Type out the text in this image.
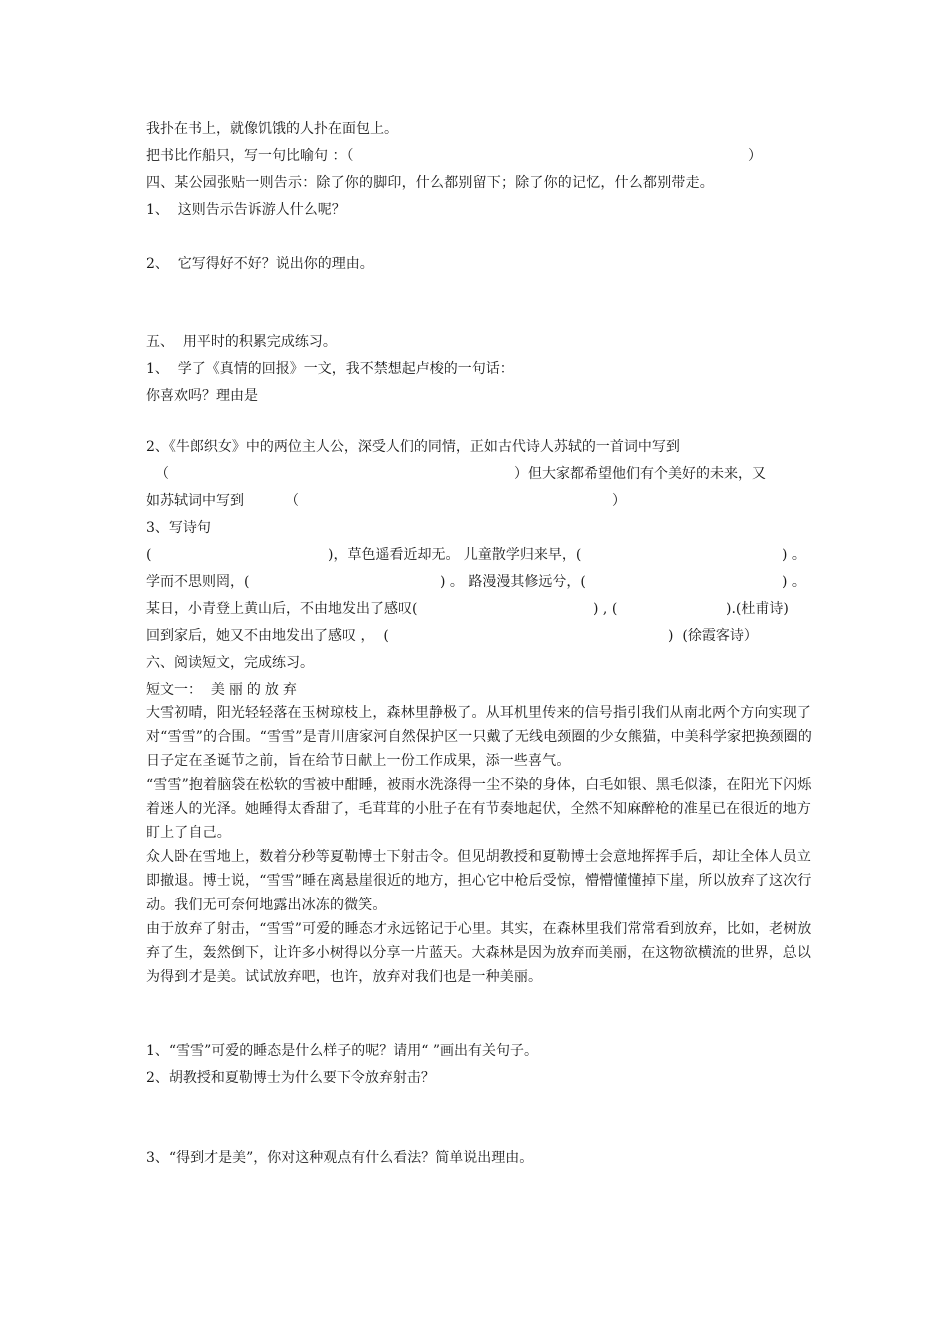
我扑在书上，就像饥饿的人扑在面包上。
把书比作船只，写一句比喻句 ：（	）
四、某公园张贴一则告示：除了你的脚印，什么都别留下；除了你的记忆，什么都别带走。
1、  这则告示告诉游人什么呢？
2、  它写得好不好？说出你的理由。
五、  用平时的积累完成练习。
1、  学了《真情的回报》一文，我不禁想起卢梭的一句话：
你喜欢吗？理由是
2、《牛郎织女》中的两位主人公，深受人们的同情，正如古代诗人苏轼的一首词中写到
（	）但大家都希望他们有个美好的未来，又
如苏轼词中写到	（	）
3、写诗句
(	)，草色遥看近却无。 儿童散学归来早，(	) 。
学而不思则罔，(	) 。 路漫漫其修远兮，(	) 。
某日，小青登上黄山后，不由地发出了感叹(	) , (	).(杜甫诗)
回到家后，她又不由地发出了感叹 ，  (	)  (徐霞客诗）
六、阅读短文，完成练习。
短文一： 美丽的放弃

大雪初晴，阳光轻轻落在玉树琼枝上，森林里静极了。从耳机里传来的信号指引我们从南北两个方向实现了对“雪雪”的合围。“雪雪”是青川唐家河自然保护区一只戴了无线电颈圈的少女熊猫，中美科学家把换颈圈的日子定在圣诞节之前，旨在给节日献上一份工作成果，添一些喜气。

“雪雪”抱着脑袋在松软的雪被中酣睡，被雨水洗涤得一尘不染的身体，白毛如银、黑毛似漆，在阳光下闪烁着迷人的光泽。她睡得太香甜了，毛茸茸的小肚子在有节奏地起伏，全然不知麻醉枪的准星已在很近的地方盯上了自己。

众人卧在雪地上，数着分秒等夏勒博士下射击令。但见胡教授和夏勒博士会意地挥挥手后，却让全体人员立即撤退。博士说，“雪雪”睡在离悬崖很近的地方，担心它中枪后受惊，懵懵懂懂掉下崖，所以放弃了这次行动。我们无可奈何地露出冰冻的微笑。

由于放弃了射击，“雪雪”可爱的睡态才永远铭记于心里。其实，在森林里我们常常看到放弃，比如，老树放弃了生，轰然倒下，让许多小树得以分享一片蓝天。大森林是因为放弃而美丽，在这物欲横流的世界，总以为得到才是美。试试放弃吧，也许，放弃对我们也是一种美丽。

1、“雪雪”可爱的睡态是什么样子的呢？请用“ ”画出有关句子。
2、胡教授和夏勒博士为什么要下令放弃射击？
3、“得到才是美”，你对这种观点有什么看法？简单说出理由。
